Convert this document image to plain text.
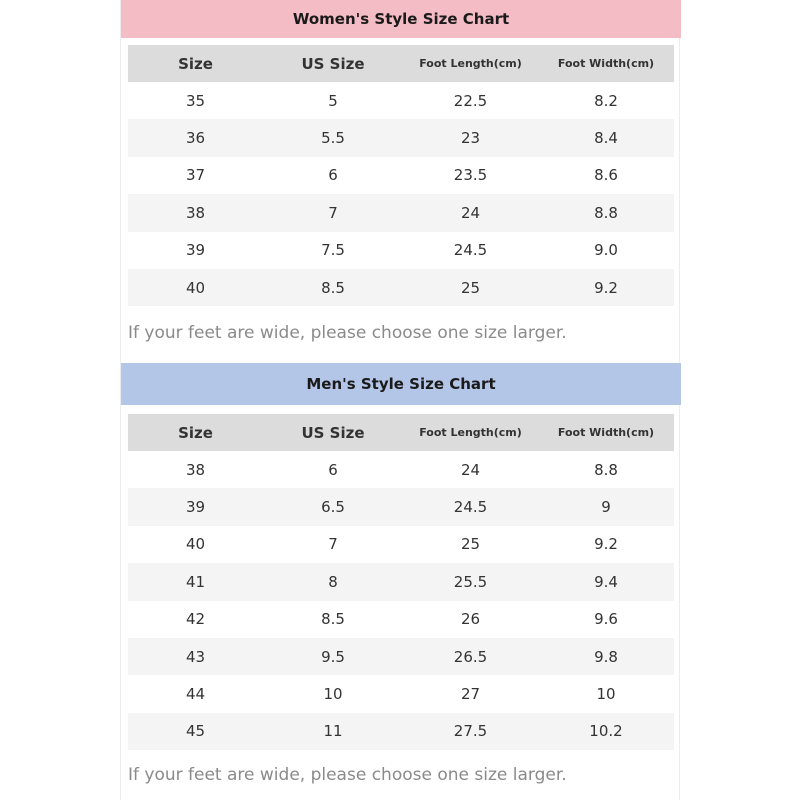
Women's Style Size Chart
Size	US Size	Foot Length(cm)	Foot Width(cm)
35	5	22.5	8.2
36	5.5	23	8.4
37	6	23.5	8.6
38	7	24	8.8
39	7.5	24.5	9.0
40	8.5	25	9.2
If your feet are wide, please choose one size larger.
Men's Style Size Chart
Size	US Size	Foot Length(cm)	Foot Width(cm)
38	6	24	8.8
39	6.5	24.5	9
40	7	25	9.2
41	8	25.5	9.4
42	8.5	26	9.6
43	9.5	26.5	9.8
44	10	27	10
45	11	27.5	10.2
If your feet are wide, please choose one size larger.
